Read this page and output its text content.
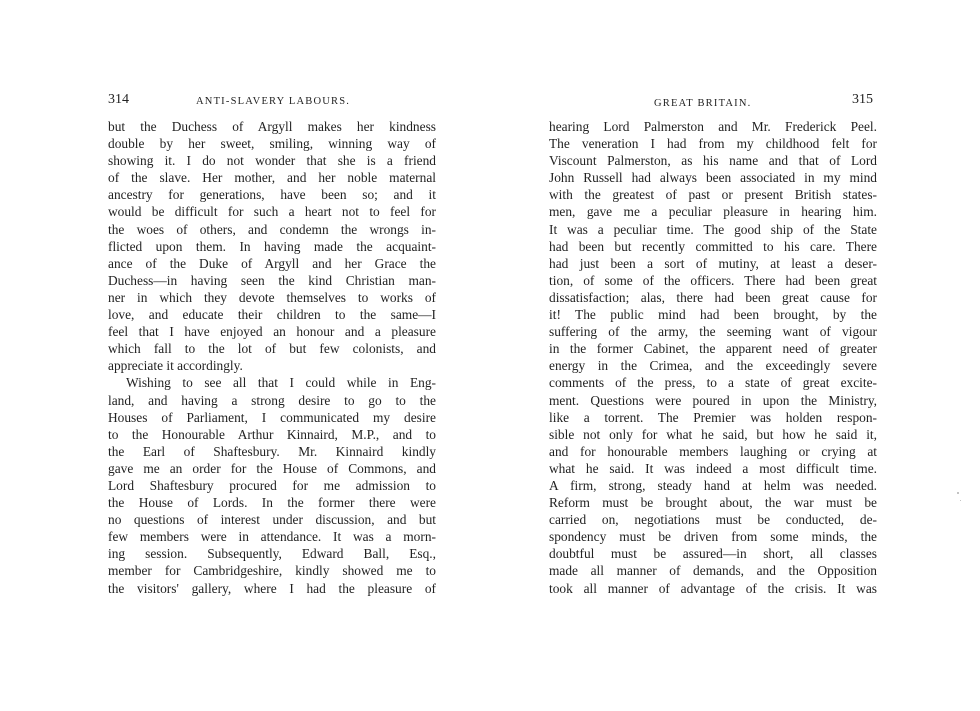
314	ANTI-SLAVERY LABOURS.
but the Duchess of Argyll makes her kindness
double by her sweet, smiling, winning way of
showing it. I do not wonder that she is a friend
of the slave. Her mother, and her noble maternal
ancestry for generations, have been so; and it
would be difficult for such a heart not to feel for
the woes of others, and condemn the wrongs in-
flicted upon them. In having made the acquaint-
ance of the Duke of Argyll and her Grace the
Duchess—in having seen the kind Christian man-
ner in which they devote themselves to works of
love, and educate their children to the same—I
feel that I have enjoyed an honour and a pleasure
which fall to the lot of but few colonists, and
appreciate it accordingly.
Wishing to see all that I could while in Eng-
land, and having a strong desire to go to the
Houses of Parliament, I communicated my desire
to the Honourable Arthur Kinnaird, M.P., and to
the Earl of Shaftesbury. Mr. Kinnaird kindly
gave me an order for the House of Commons, and
Lord Shaftesbury procured for me admission to
the House of Lords. In the former there were
no questions of interest under discussion, and but
few members were in attendance. It was a morn-
ing session. Subsequently, Edward Ball, Esq.,
member for Cambridgeshire, kindly showed me to
the visitors' gallery, where I had the pleasure of
GREAT BRITAIN.	315
hearing Lord Palmerston and Mr. Frederick Peel.
The veneration I had from my childhood felt for
Viscount Palmerston, as his name and that of Lord
John Russell had always been associated in my mind
with the greatest of past or present British states-
men, gave me a peculiar pleasure in hearing him.
It was a peculiar time. The good ship of the State
had been but recently committed to his care. There
had just been a sort of mutiny, at least a deser-
tion, of some of the officers. There had been great
dissatisfaction; alas, there had been great cause for
it! The public mind had been brought, by the
suffering of the army, the seeming want of vigour
in the former Cabinet, the apparent need of greater
energy in the Crimea, and the exceedingly severe
comments of the press, to a state of great excite-
ment. Questions were poured in upon the Ministry,
like a torrent. The Premier was holden respon-
sible not only for what he said, but how he said it,
and for honourable members laughing or crying at
what he said. It was indeed a most difficult time.
A firm, strong, steady hand at helm was needed.
Reform must be brought about, the war must be
carried on, negotiations must be conducted, de-
spondency must be driven from some minds, the
doubtful must be assured—in short, all classes
made all manner of demands, and the Opposition
took all manner of advantage of the crisis. It was
